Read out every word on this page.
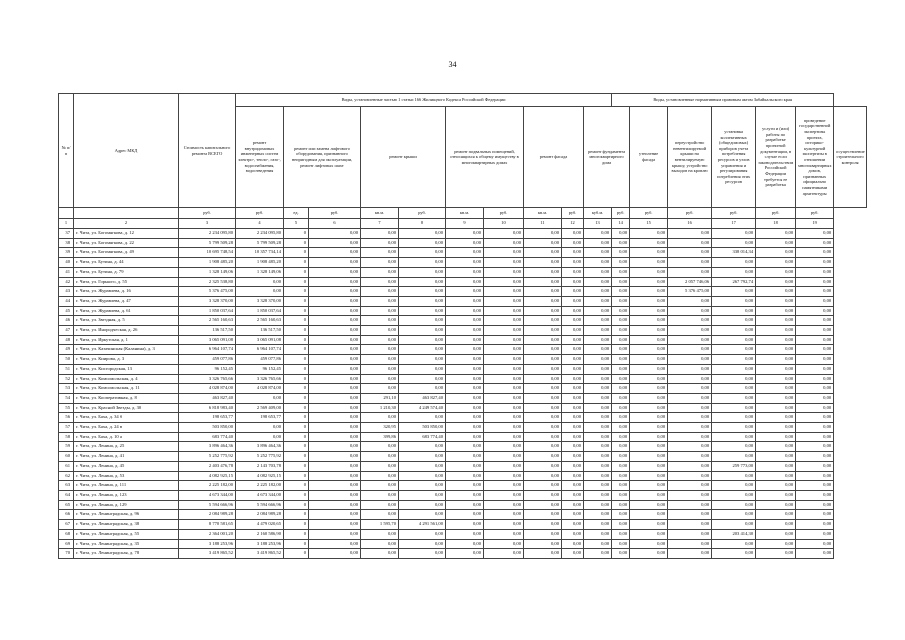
34
№ п/п	Адрес МКД	Стоимость капитального ремонта ВСЕГО	Виды, установленные частью 1 статьи 166 Жилищного Кодекса Российской Федерации										Виды, установленные нормативным правовым актом Забайкальского края						
			ремонт внутридомовых инженерных систем электро-, тепло-, газо-, водоснабжения, водоотведения	ремонт или замена лифтового оборудования, признанного непригодным для эксплуатации, ремонт лифтовых шахт		ремонт крыши		ремонт подвальных помещений, относящихся к общему имуществу в многоквартирных домах		ремонт фасада		ремонт фундамента многоквартирного дома		утепление фасада	переустройство невентилируемой крыши на вентилируемую крышу, устройство выходов на кровлю	установка коллективных (общедомовых) приборов учета потребления ресурсов и узлов управления и регулирования потребления этих ресурсов	услуги и (или) работы по разработке проектной документации, в случае если законодательством Российской Федерации требуется ее разработка	проведение государственной экспертизы проекта, историко-культурной экспертизы в отношении многоквартирных домов, признанных официально памятниками архитектуры	осуществление строительного контроля
		руб.	руб.	ед.	руб.	кв.м.	руб.	кв.м.	руб.	кв.м.	руб.	куб.м.	руб.	руб.	руб.	руб.	руб.	руб.	
1	2	3	4	5	6	7	8	9	10	11	12	13	14	15	16	17	18	19	
37	г. Чита, ул. Богомягкова, д. 12	2 234 095,80	2 234 095,80	0	0,00	0,00	0,00	0,00	0,00	0,00	0,00	0,00	0,00	0,00	0,00	0,00	0,00	0,00	
38	г. Чита, ул. Богомягкова, д. 22	5 799 509,28	5 799 509,28	0	0,00	0,00	0,00	0,00	0,00	0,00	0,00	0,00	0,00	0,00	0,00	0,00	0,00	0,00	
39	г. Чита, ул. Богомягкова, д. 49	10 695 748,54	10 357 734,14	0	0,00	0,00	0,00	0,00	0,00	0,00	0,00	0,00	0,00	0,00	0,00	338 014,34	0,00	0,00	
40	г. Чита, ул. Бутина, д. 44	1 908 485,20	1 908 485,20	0	0,00	0,00	0,00	0,00	0,00	0,00	0,00	0,00	0,00	0,00	0,00	0,00	0,00	0,00	
41	г. Чита, ул. Бутина, д. 79	1 328 149,06	1 328 149,06	0	0,00	0,00	0,00	0,00	0,00	0,00	0,00	0,00	0,00	0,00	0,00	0,00	0,00	0,00	
42	г. Чита, ул. Горького, д. 55	2 325 538,80	0,00	0	0,00	0,00	0,00	0,00	0,00	0,00	0,00	0,00	0,00	0,00	2 057 746,06	267 792,74	0,00	0,00	
43	г. Чита, ул. Журавлева, д. 16	5 376 475,00	0,00	0	0,00	0,00	0,00	0,00	0,00	0,00	0,00	0,00	0,00	0,00	5 376 475,00	0,00	0,00	0,00	
44	г. Чита, ул. Журавлева, д. 47	3 328 370,00	3 328 370,00	0	0,00	0,00	0,00	0,00	0,00	0,00	0,00	0,00	0,00	0,00	0,00	0,00	0,00	0,00	
45	г. Чита, ул. Журавлева, д. 61	1 850 037,64	1 850 037,64	0	0,00	0,00	0,00	0,00	0,00	0,00	0,00	0,00	0,00	0,00	0,00	0,00	0,00	0,00	
46	г. Чита, ул. Звездная, д. 5	2 565 160,63	2 565 160,63	0	0,00	0,00	0,00	0,00	0,00	0,00	0,00	0,00	0,00	0,00	0,00	0,00	0,00	0,00	
47	г. Чита, ул. Инородческая, д. 26	136 517,50	136 517,50	0	0,00	0,00	0,00	0,00	0,00	0,00	0,00	0,00	0,00	0,00	0,00	0,00	0,00	0,00	
48	г. Чита, ул. Иркутская, д. 1	3 065 091,08	3 065 091,08	0	0,00	0,00	0,00	0,00	0,00	0,00	0,00	0,00	0,00	0,00	0,00	0,00	0,00	0,00	
49	г. Чита, ул. Казачинская (Каланина), д. 3	6 964 107,74	6 964 107,74	0	0,00	0,00	0,00	0,00	0,00	0,00	0,00	0,00	0,00	0,00	0,00	0,00	0,00	0,00	
50	г. Чита, ул. Киирова, д. 3	459 077,86	459 077,86	0	0,00	0,00	0,00	0,00	0,00	0,00	0,00	0,00	0,00	0,00	0,00	0,00	0,00	0,00	
51	г. Чита, ул. Кисгородская, 13	96 152,45	96 152,45	0	0,00	0,00	0,00	0,00	0,00	0,00	0,00	0,00	0,00	0,00	0,00	0,00	0,00	0,00	
52	г. Чита, ул. Комсомольская, д. 4	3 326 765,66	3 326 765,66	0	0,00	0,00	0,00	0,00	0,00	0,00	0,00	0,00	0,00	0,00	0,00	0,00	0,00	0,00	
53	г. Чита, ул. Комсомольская, д. 11	4 028 874,00	4 028 874,00	0	0,00	0,00	0,00	0,00	0,00	0,00	0,00	0,00	0,00	0,00	0,00	0,00	0,00	0,00	
54	г. Чита, ул. Кооперативная, д. 8	463 827,40	0,00	0	0,00	291,10	463 827,40	0,00	0,00	0,00	0,00	0,00	0,00	0,00	0,00	0,00	0,00	0,00	
55	г. Чита, ул. Красной Звезды, д. 30	6 818 983,40	2 569 409,00	0	0,00	1 210,30	4 249 574,40	0,00	0,00	0,00	0,00	0,00	0,00	0,00	0,00	0,00	0,00	0,00	
56	г. Чита, ул. Баха, д. 34 б	198 653,77	198 653,77	0	0,00	0,00	0,00	0,00	0,00	0,00	0,00	0,00	0,00	0,00	0,00	0,00	0,00	0,00	
57	г. Чита, ул. Баха, д. 24 в	503 850,00	0,00	0	0,00	320,95	503 850,00	0,00	0,00	0,00	0,00	0,00	0,00	0,00	0,00	0,00	0,00	0,00	
58	г. Чита, ул. Баха, д. 10 а	683 774,40	0,00	0	0,00	399,86	683 774,40	0,00	0,00	0,00	0,00	0,00	0,00	0,00	0,00	0,00	0,00	0,00	
59	г. Чита, ул. Ленина, д. 25	3 896 464,36	3 896 464,36	0	0,00	0,00	0,00	0,00	0,00	0,00	0,00	0,00	0,00	0,00	0,00	0,00	0,00	0,00	
60	г. Чита, ул. Ленина, д. 41	5 252 775,92	5 252 775,92	0	0,00	0,00	0,00	0,00	0,00	0,00	0,00	0,00	0,00	0,00	0,00	0,00	0,00	0,00	
61	г. Чита, ул. Ленина, д. 45	2 403 476,78	2 143 703,78	0	0,00	0,00	0,00	0,00	0,00	0,00	0,00	0,00	0,00	0,00	0,00	259 773,00	0,00	0,00	
62	г. Чита, ул. Ленина, д. 53	4 082 925,15	4 082 925,15	0	0,00	0,00	0,00	0,00	0,00	0,00	0,00	0,00	0,00	0,00	0,00	0,00	0,00	0,00	
63	г. Чита, ул. Ленина, д. 111	2 225 182,00	2 225 182,00	0	0,00	0,00	0,00	0,00	0,00	0,00	0,00	0,00	0,00	0,00	0,00	0,00	0,00	0,00	
64	г. Чита, ул. Ленина, д. 123	4 673 344,00	4 673 344,00	0	0,00	0,00	0,00	0,00	0,00	0,00	0,00	0,00	0,00	0,00	0,00	0,00	0,00	0,00	
65	г. Чита, ул. Ленина, д. 129	5 594 666,96	5 594 666,96	0	0,00	0,00	0,00	0,00	0,00	0,00	0,00	0,00	0,00	0,00	0,00	0,00	0,00	0,00	
66	г. Чита, ул. Ленинградская, д. 96	2 084 989,28	2 084 989,28	0	0,00	0,00	0,00	0,00	0,00	0,00	0,00	0,00	0,00	0,00	0,00	0,00	0,00	0,00	
67	г. Чита, ул. Ленинградская, д. 38	8 770 581,65	4 479 020,65	0	0,00	1 595,70	4 291 561,00	0,00	0,00	0,00	0,00	0,00	0,00	0,00	0,00	0,00	0,00	0,00	
68	г. Чита, ул. Ленинградская, д. 55	2 364 001,20	2 160 586,90	0	0,00	0,00	0,00	0,00	0,00	0,00	0,00	0,00	0,00	0,00	0,00	203 414,30	0,00	0,00	
69	г. Чита, ул. Ленинградская, д. 35	3 188 253,96	3 188 253,96	0	0,00	0,00	0,00	0,00	0,00	0,00	0,00	0,00	0,00	0,00	0,00	0,00	0,00	0,00	
70	г. Чита, ул. Ленинградская, д. 78	3 419 865,52	3 419 865,52	0	0,00	0,00	0,00	0,00	0,00	0,00	0,00	0,00	0,00	0,00	0,00	0,00	0,00	0,00	
